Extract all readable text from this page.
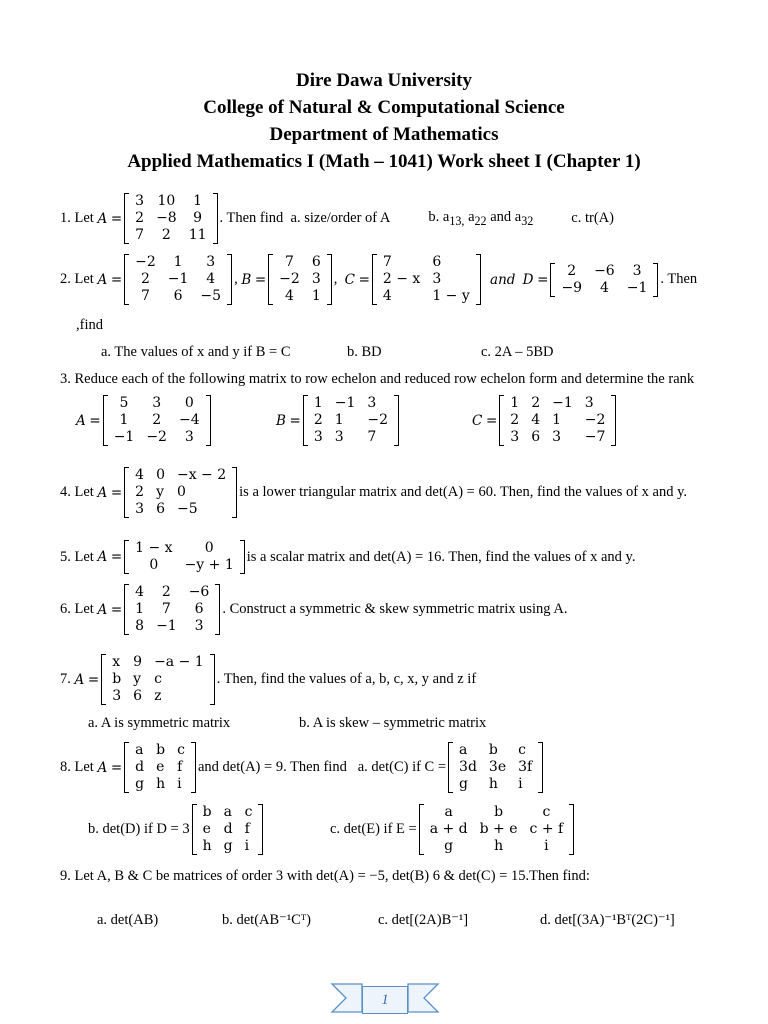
Dire Dawa University
College of Natural & Computational Science
Department of Mathematics
Applied Mathematics I (Math – 1041) Work sheet I (Chapter 1)
1. Let
A
=
3	10	1
2	−8	9
7	2	11
. Then find
a. size/order of A	b. $a_{13,}$ $a_{22}$ and $a_{32}$	c. tr(A)
2. Let
A
=
−2	1	3
2	−1	4
7	6	−5
, B
=
7	6
−2	3
4	1
, C
=
7	6
2 − x	3
4	1 − y

and
D
=
2	−6	3
−9	4	−1
. Then
,find
a. The values of x and y if B = C	b. BD	c. 2A – 5BD
3. Reduce each of the following matrix to row echelon and reduced row echelon form and determine the rank
A
=
5	3	0
1	2	−4
−1	−2	3
B
=
1	−1	3
2	1	−2
3	3	7
C
=
1	2	−1	3
2	4	1	−2
3	6	3	−7
4. Let
A
=
4	0	−x − 2
2	y	0
3	6	−5
is a lower triangular matrix and det(A) = 60. Then, find the values of x and y.
5. Let
A
=
1 − x	0
0	−y + 1
is a scalar matrix and det(A) = 16. Then, find the values of x and y.
6. Let
A
=
4	2	−6
1	7	6
8	−1	3
. Construct a symmetric & skew symmetric matrix using A.
7.
A
=
x	9	−a − 1
b	y	c
3	6	z
. Then, find the values of a, b, c, x, y and z if
a. A is symmetric matrix	b. A is skew – symmetric matrix
8. Let
A
=
a	b	c
d	e	f
g	h	i
and det(A) = 9. Then find
a. det(C) if C =
a	b	c
3d	3e	3f
g	h	i
b. det(D) if D = 3
b	a	c
e	d	f
h	g	i
c. det(E) if E =
a	b	c
a + d	b + e	c + f
g	h	i
9. Let A, B & C be matrices of order 3 with det(A) = −5, det(B) 6 & det(C) = 15.Then find:
a. det(AB)	b. det(AB⁻¹Cᵀ)	c. det[(2A)B⁻¹]	d. det[(3A)⁻¹Bᵀ(2C)⁻¹]
1
